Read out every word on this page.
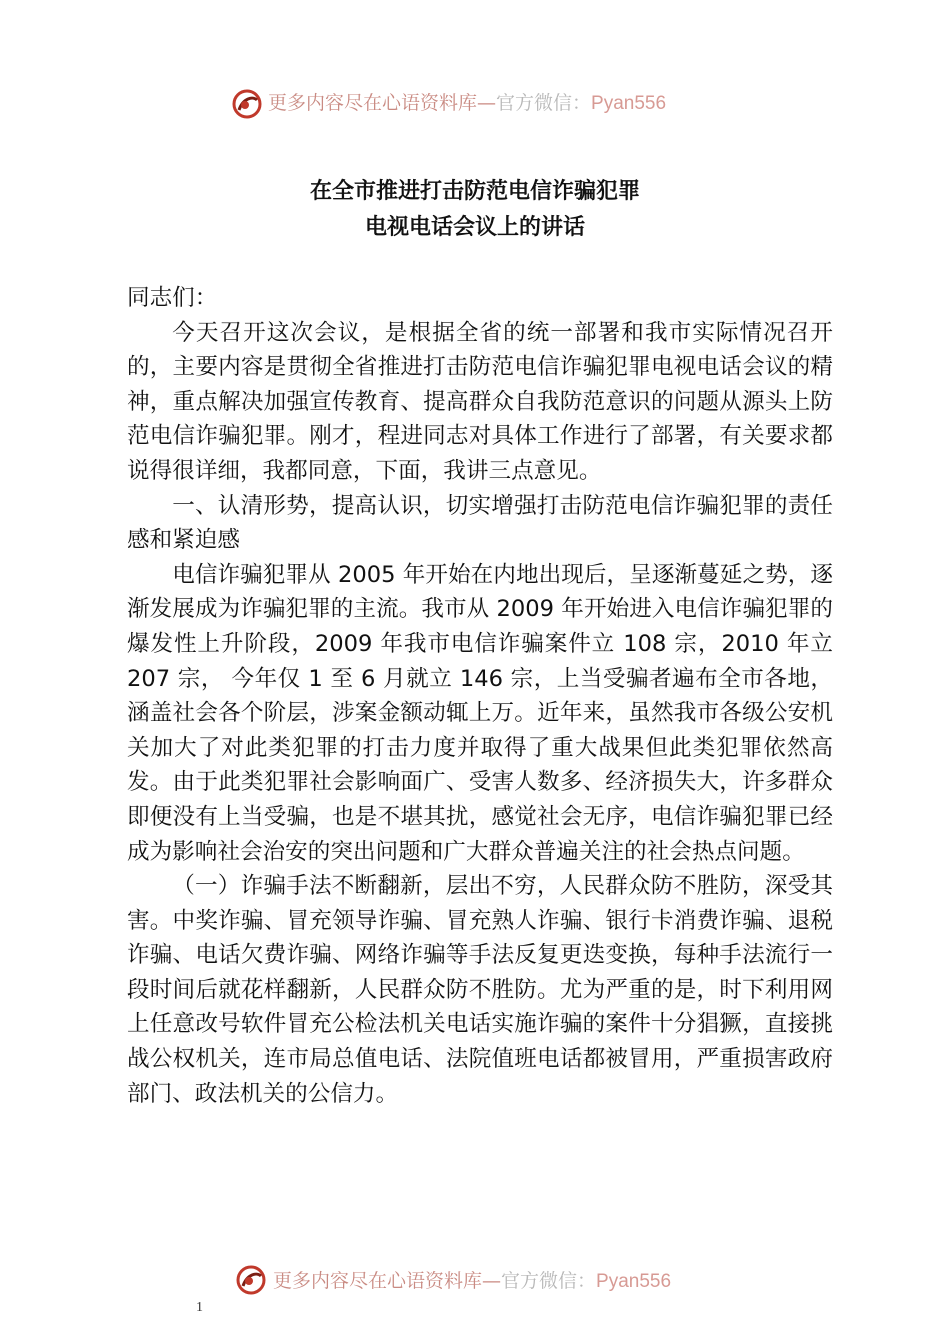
更多内容尽在心语资料库—官方微信：Pyan556
在全市推进打击防范电信诈骗犯罪
电视电话会议上的讲话

同志们：

今天召开这次会议，是根据全省的统一部署和我市实际情况召开的，主要内容是贯彻全省推进打击防范电信诈骗犯罪电视电话会议的精神，重点解决加强宣传教育、提高群众自我防范意识的问题从源头上防范电信诈骗犯罪。刚才，程进同志对具体工作进行了部署，有关要求都说得很详细，我都同意，下面，我讲三点意见。

一、认清形势，提高认识，切实增强打击防范电信诈骗犯罪的责任感和紧迫感

电信诈骗犯罪从 2005 年开始在内地出现后，呈逐渐蔓延之势，逐渐发展成为诈骗犯罪的主流。我市从 2009 年开始进入电信诈骗犯罪的爆发性上升阶段，2009 年我市电信诈骗案件立 108 宗，2010 年立 207 宗， 今年仅 1 至 6 月就立 146 宗，上当受骗者遍布全市各地，涵盖社会各个阶层，涉案金额动辄上万。近年来，虽然我市各级公安机关加大了对此类犯罪的打击力度并取得了重大战果但此类犯罪依然高发。由于此类犯罪社会影响面广、受害人数多、经济损失大，许多群众即便没有上当受骗，也是不堪其扰，感觉社会无序，电信诈骗犯罪已经成为影响社会治安的突出问题和广大群众普遍关注的社会热点问题。

（一）诈骗手法不断翻新，层出不穷，人民群众防不胜防，深受其害。中奖诈骗、冒充领导诈骗、冒充熟人诈骗、银行卡消费诈骗、退税诈骗、电话欠费诈骗、网络诈骗等手法反复更迭变换，每种手法流行一段时间后就花样翻新，人民群众防不胜防。尤为严重的是，时下利用网上任意改号软件冒充公检法机关电话实施诈骗的案件十分猖獗，直接挑战公权机关，连市局总值电话、法院值班电话都被冒用，严重损害政府部门、政法机关的公信力。

更多内容尽在心语资料库—官方微信：Pyan556
1
